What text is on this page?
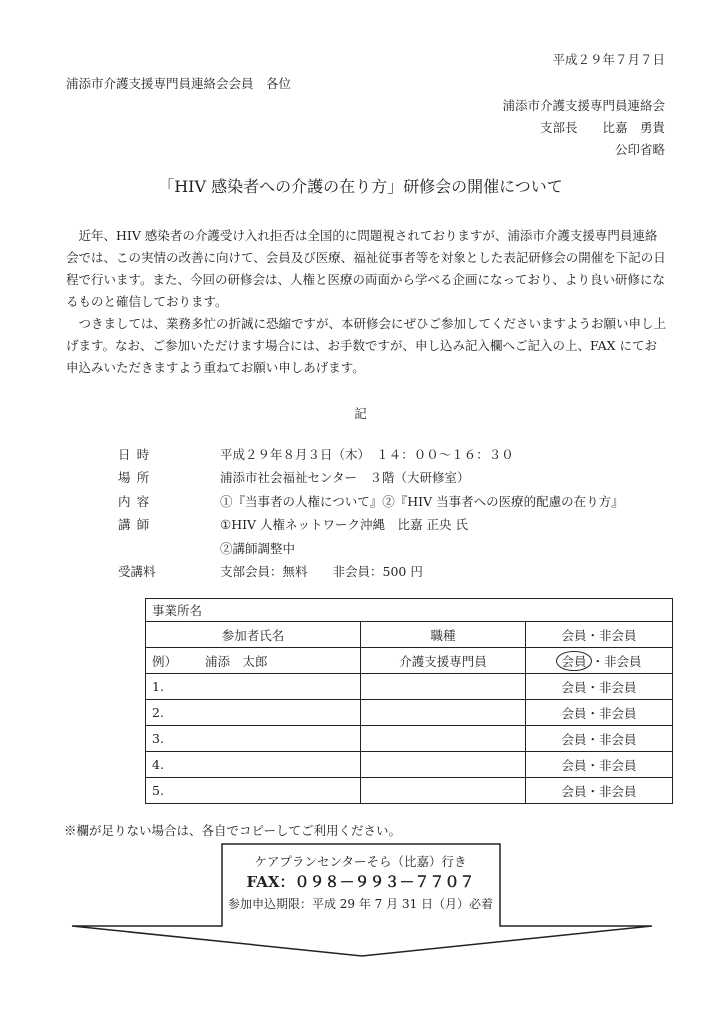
平成２９年７月７日
浦添市介護支援専門員連絡会会員　各位
浦添市介護支援専門員連絡会
支部長　　比嘉　勇貴
公印省略
「HIV 感染者への介護の在り方」研修会の開催について

近年、HIV 感染者の介護受け入れ拒否は全国的に問題視されておりますが、浦添市介護支援専門員連絡会では、この実情の改善に向けて、会員及び医療、福祉従事者等を対象とした表記研修会の開催を下記の日程で行います。また、今回の研修会は、人権と医療の両面から学べる企画になっており、より良い研修になるものと確信しております。

つきましては、業務多忙の折誠に恐縮ですが、本研修会にぜひご参加してくださいますようお願い申し上げます。なお、ご参加いただけます場合には、お手数ですが、申し込み記入欄へご記入の上、FAX にてお申込みいただきますよう重ねてお願い申しあげます。

記
日時	平成２９年８月３日（木）　１４：００～１６：３０
場所	浦添市社会福祉センター　３階（大研修室）
内容	①『当事者の人権について』②『HIV 当事者への医療的配慮の在り方』
講師	①HIV 人権ネットワーク沖縄　比嘉 正央 氏
②講師調整中
受講料	支部会員：無料　　非会員：500 円
事業所名		
参加者氏名	職種	会員・非会員
例） 浦添　太郎	介護支援専門員	会員 ・非会員
1.		会員・非会員
2.		会員・非会員
3.		会員・非会員
4.		会員・非会員
5.		会員・非会員
※欄が足りない場合は、各自でコピーしてご利用ください。
ケアプランセンターそら（比嘉）行き
FAX：０９８－９９３－７７０７
参加申込期限：平成 29 年 7 月 31 日（月）必着
